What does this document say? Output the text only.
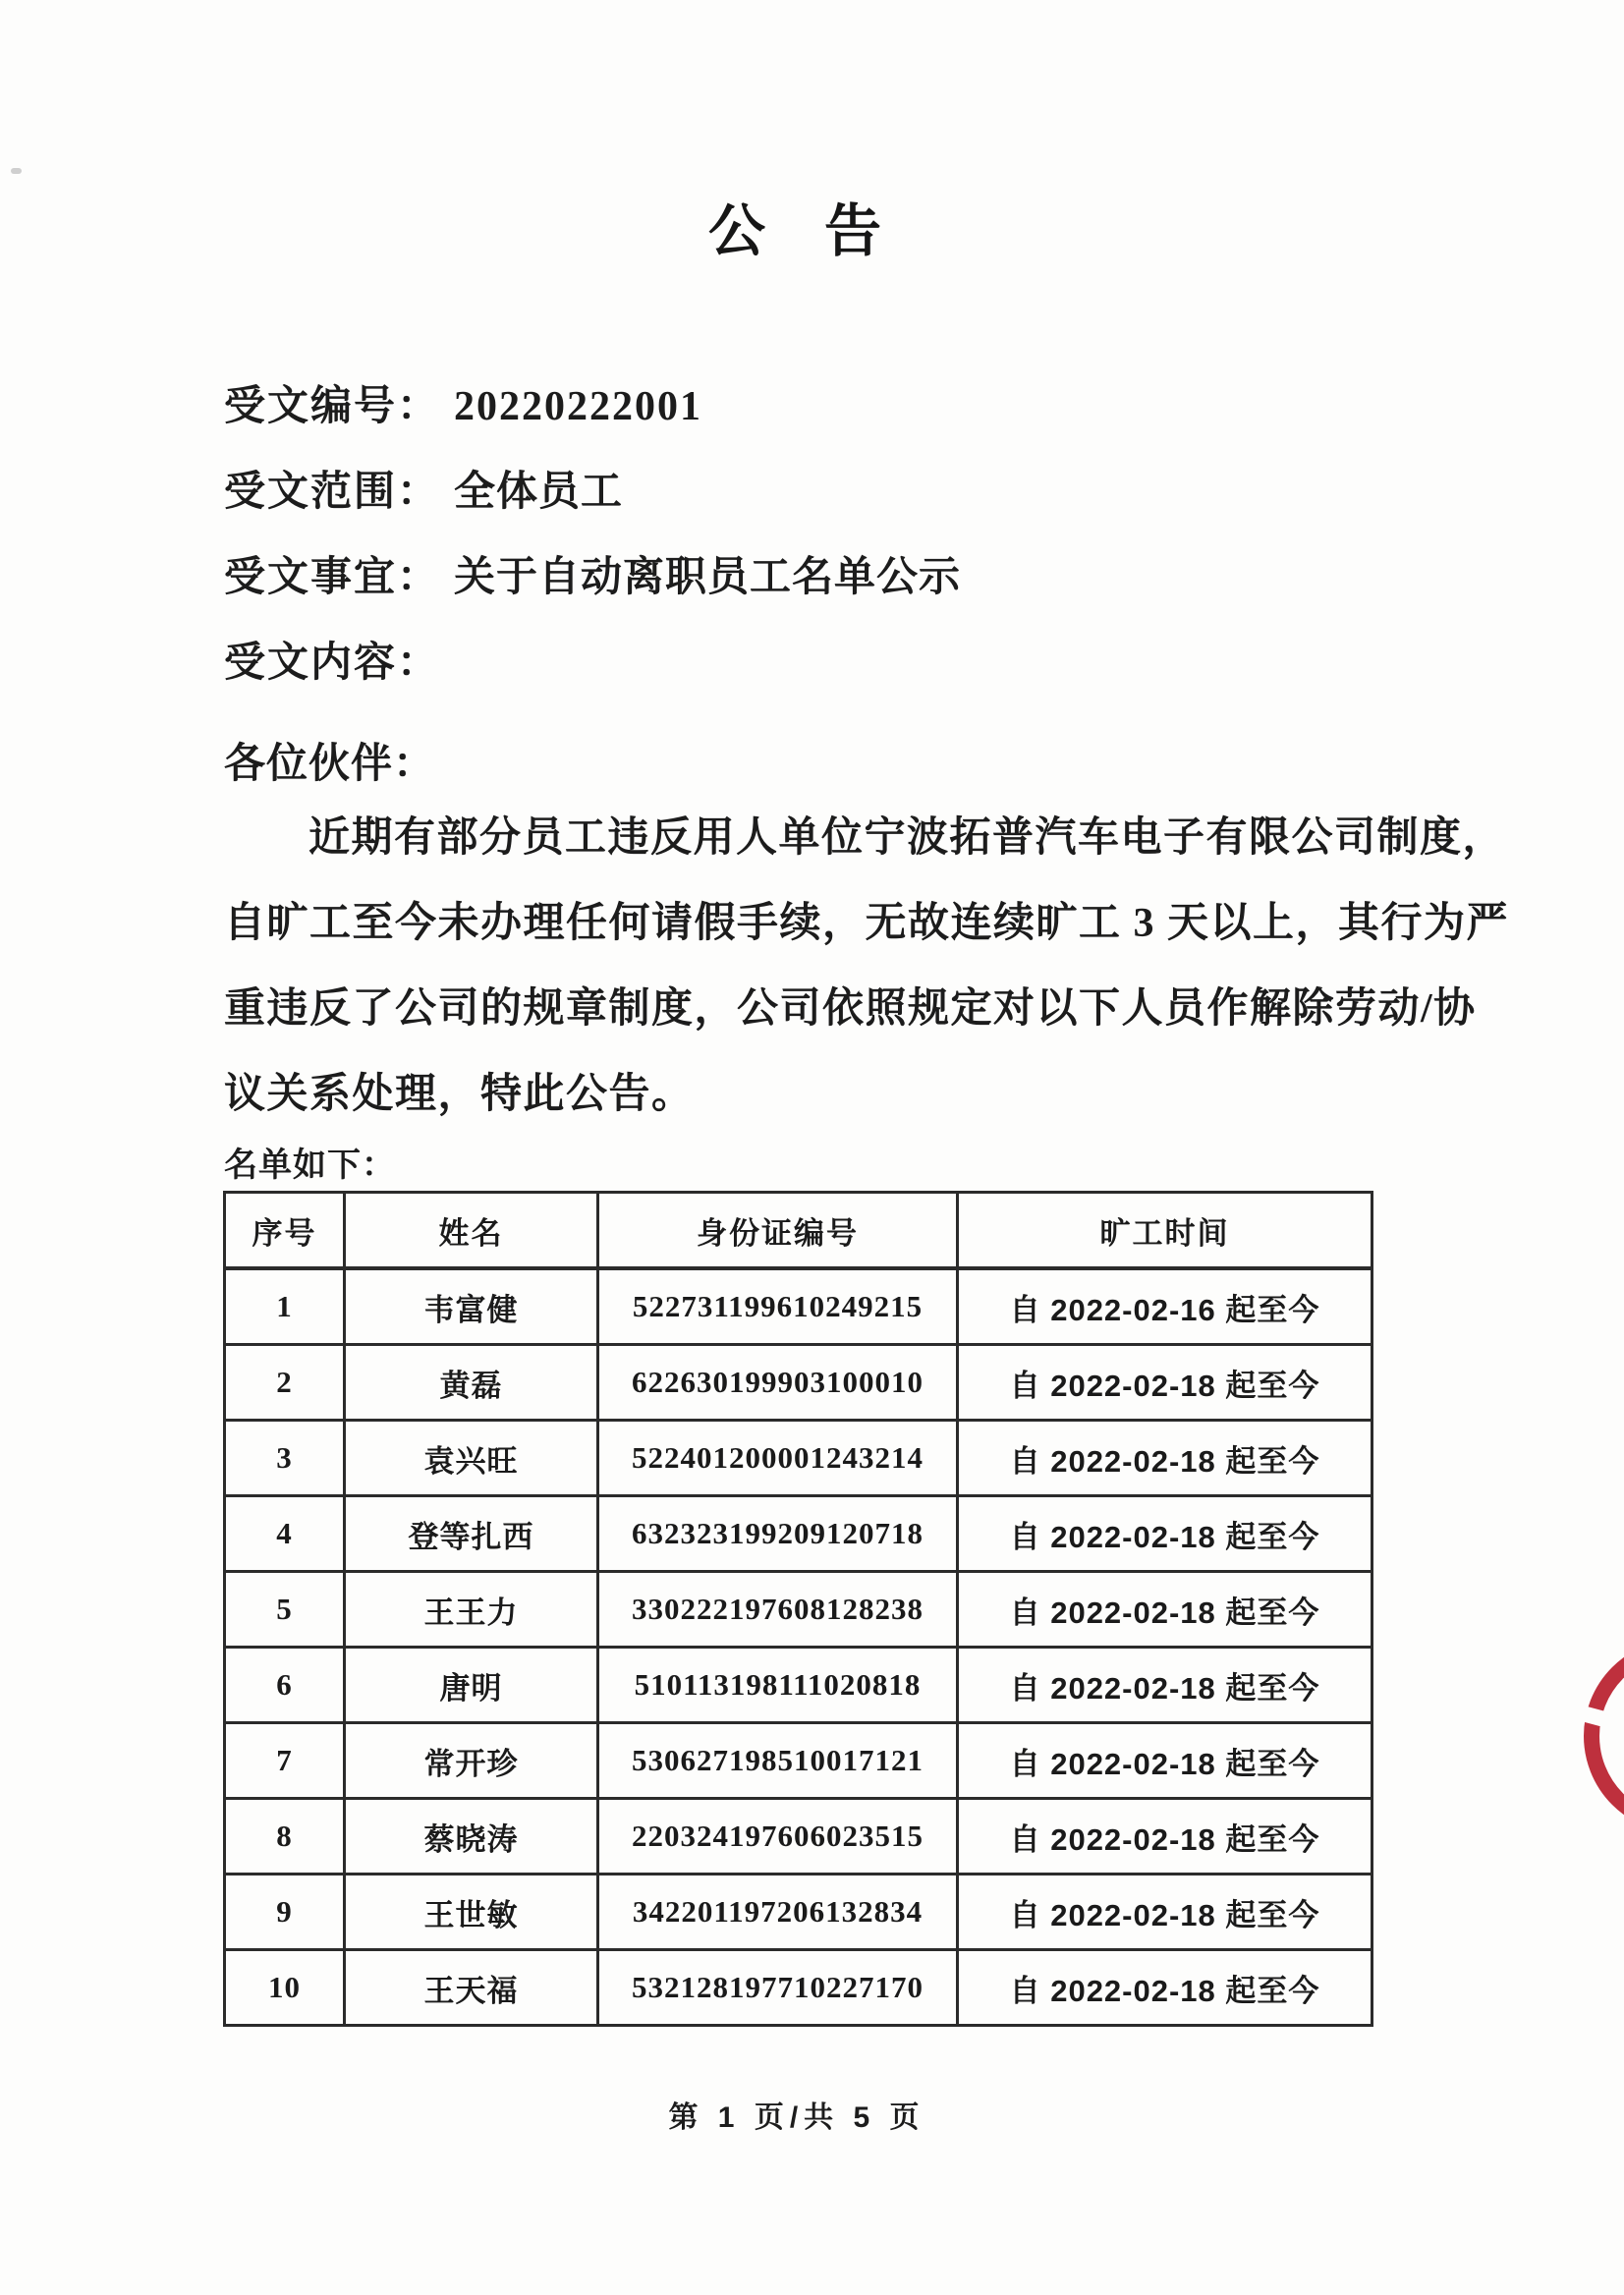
公 告
受文编号： 20220222001
受文范围： 全体员工
受文事宜： 关于自动离职员工名单公示
受文内容：
各位伙伴：
近期有部分员工违反用人单位宁波拓普汽车电子有限公司制度，
自旷工至今未办理任何请假手续，无故连续旷工 3 天以上，其行为严
重违反了公司的规章制度，公司依照规定对以下人员作解除劳动/协
议关系处理，特此公告。
名单如下：
序号	姓名	身份证编号	旷工时间
1	韦富健	522731199610249215	自 2022-02-16 起至今
2	黄磊	622630199903100010	自 2022-02-18 起至今
3	袁兴旺	522401200001243214	自 2022-02-18 起至今
4	登等扎西	632323199209120718	自 2022-02-18 起至今
5	王王力	330222197608128238	自 2022-02-18 起至今
6	唐明	510113198111020818	自 2022-02-18 起至今
7	常开珍	530627198510017121	自 2022-02-18 起至今
8	蔡晓涛	220324197606023515	自 2022-02-18 起至今
9	王世敏	342201197206132834	自 2022-02-18 起至今
10	王天福	532128197710227170	自 2022-02-18 起至今
第 1 页/共 5 页
